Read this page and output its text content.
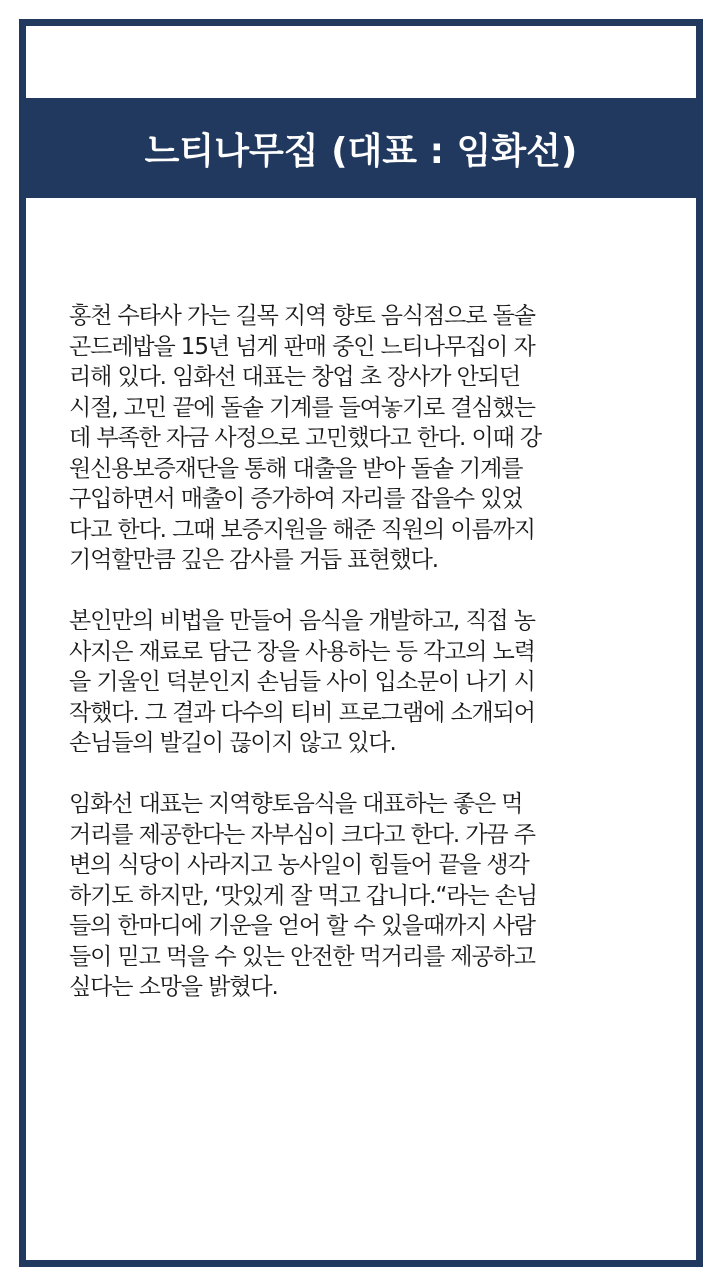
느티나무집 (대표 : 임화선)

홍천 수타사 가는 길목 지역 향토 음식점으로 돌솥
곤드레밥을 15년 넘게 판매 중인 느티나무집이 자
리해 있다. 임화선 대표는 창업 초 장사가 안되던
시절, 고민 끝에 돌솥 기계를 들여놓기로 결심했는
데 부족한 자금 사정으로 고민했다고 한다. 이때 강
원신용보증재단을 통해 대출을 받아 돌솥 기계를
구입하면서 매출이 증가하여 자리를 잡을수 있었
다고 한다. 그때 보증지원을 해준 직원의 이름까지
기억할만큼 깊은 감사를 거듭 표현했다.

본인만의 비법을 만들어 음식을 개발하고, 직접 농
사지은 재료로 담근 장을 사용하는 등 각고의 노력
을 기울인 덕분인지 손님들 사이 입소문이 나기 시
작했다. 그 결과 다수의 티비 프로그램에 소개되어
손님들의 발길이 끊이지 않고 있다.

임화선 대표는 지역향토음식을 대표하는 좋은 먹
거리를 제공한다는 자부심이 크다고 한다. 가끔 주
변의 식당이 사라지고 농사일이 힘들어 끝을 생각
하기도 하지만, ‘맛있게 잘 먹고 갑니다.“라는 손님
들의 한마디에 기운을 얻어 할 수 있을때까지 사람
들이 믿고 먹을 수 있는 안전한 먹거리를 제공하고
싶다는 소망을 밝혔다.
